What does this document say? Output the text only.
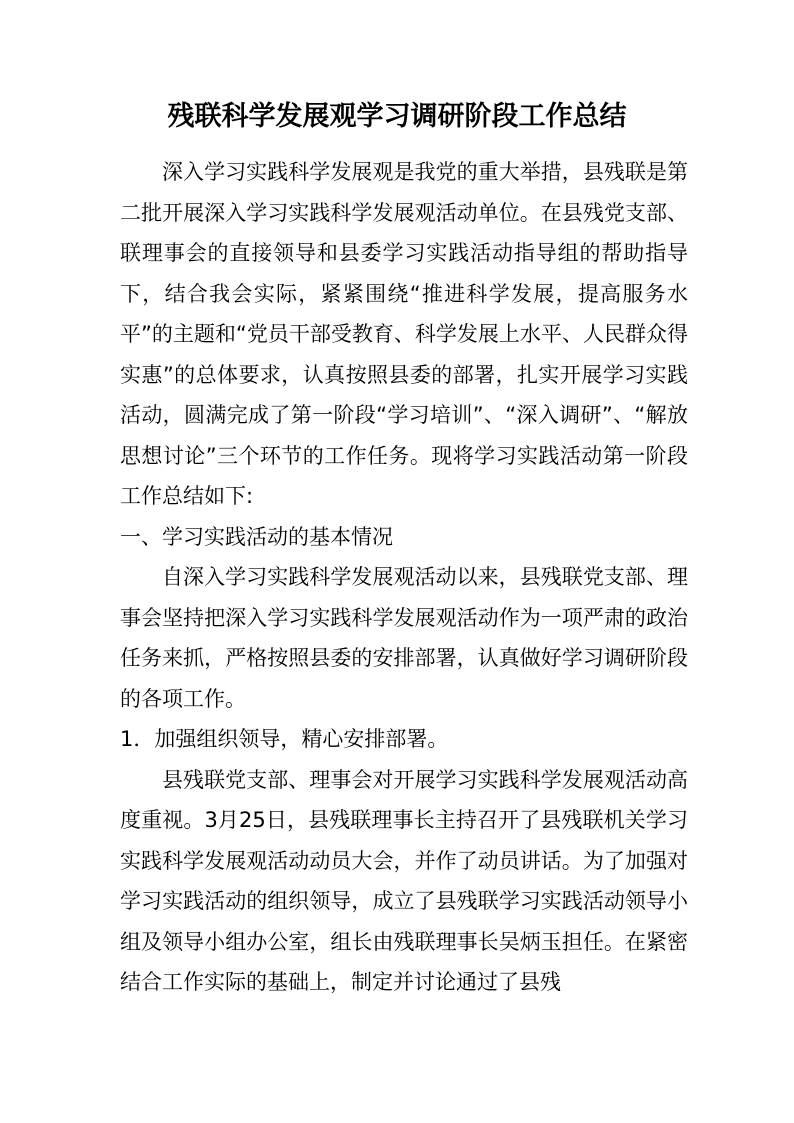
残联科学发展观学习调研阶段工作总结

深入学习实践科学发展观是我党的重大举措，县残联是第二批开展深入学习实践科学发展观活动单位。在县残党支部、联理事会的直接领导和县委学习实践活动指导组的帮助指导下，结合我会实际，紧紧围绕“推进科学发展，提高服务水平”的主题和“党员干部受教育、科学发展上水平、人民群众得实惠”的总体要求，认真按照县委的部署，扎实开展学习实践活动，圆满完成了第一阶段“学习培训”、“深入调研”、“解放思想讨论”三个环节的工作任务。现将学习实践活动第一阶段工作总结如下:

一、学习实践活动的基本情况

自深入学习实践科学发展观活动以来，县残联党支部、理事会坚持把深入学习实践科学发展观活动作为一项严肃的政治任务来抓，严格按照县委的安排部署，认真做好学习调研阶段的各项工作。

1．加强组织领导，精心安排部署。

县残联党支部、理事会对开展学习实践科学发展观活动高度重视。3月25日，县残联理事长主持召开了县残联机关学习实践科学发展观活动动员大会，并作了动员讲话。为了加强对学习实践活动的组织领导，成立了县残联学习实践活动领导小组及领导小组办公室，组长由残联理事长吴炳玉担任。在紧密结合工作实际的基础上，制定并讨论通过了县残
